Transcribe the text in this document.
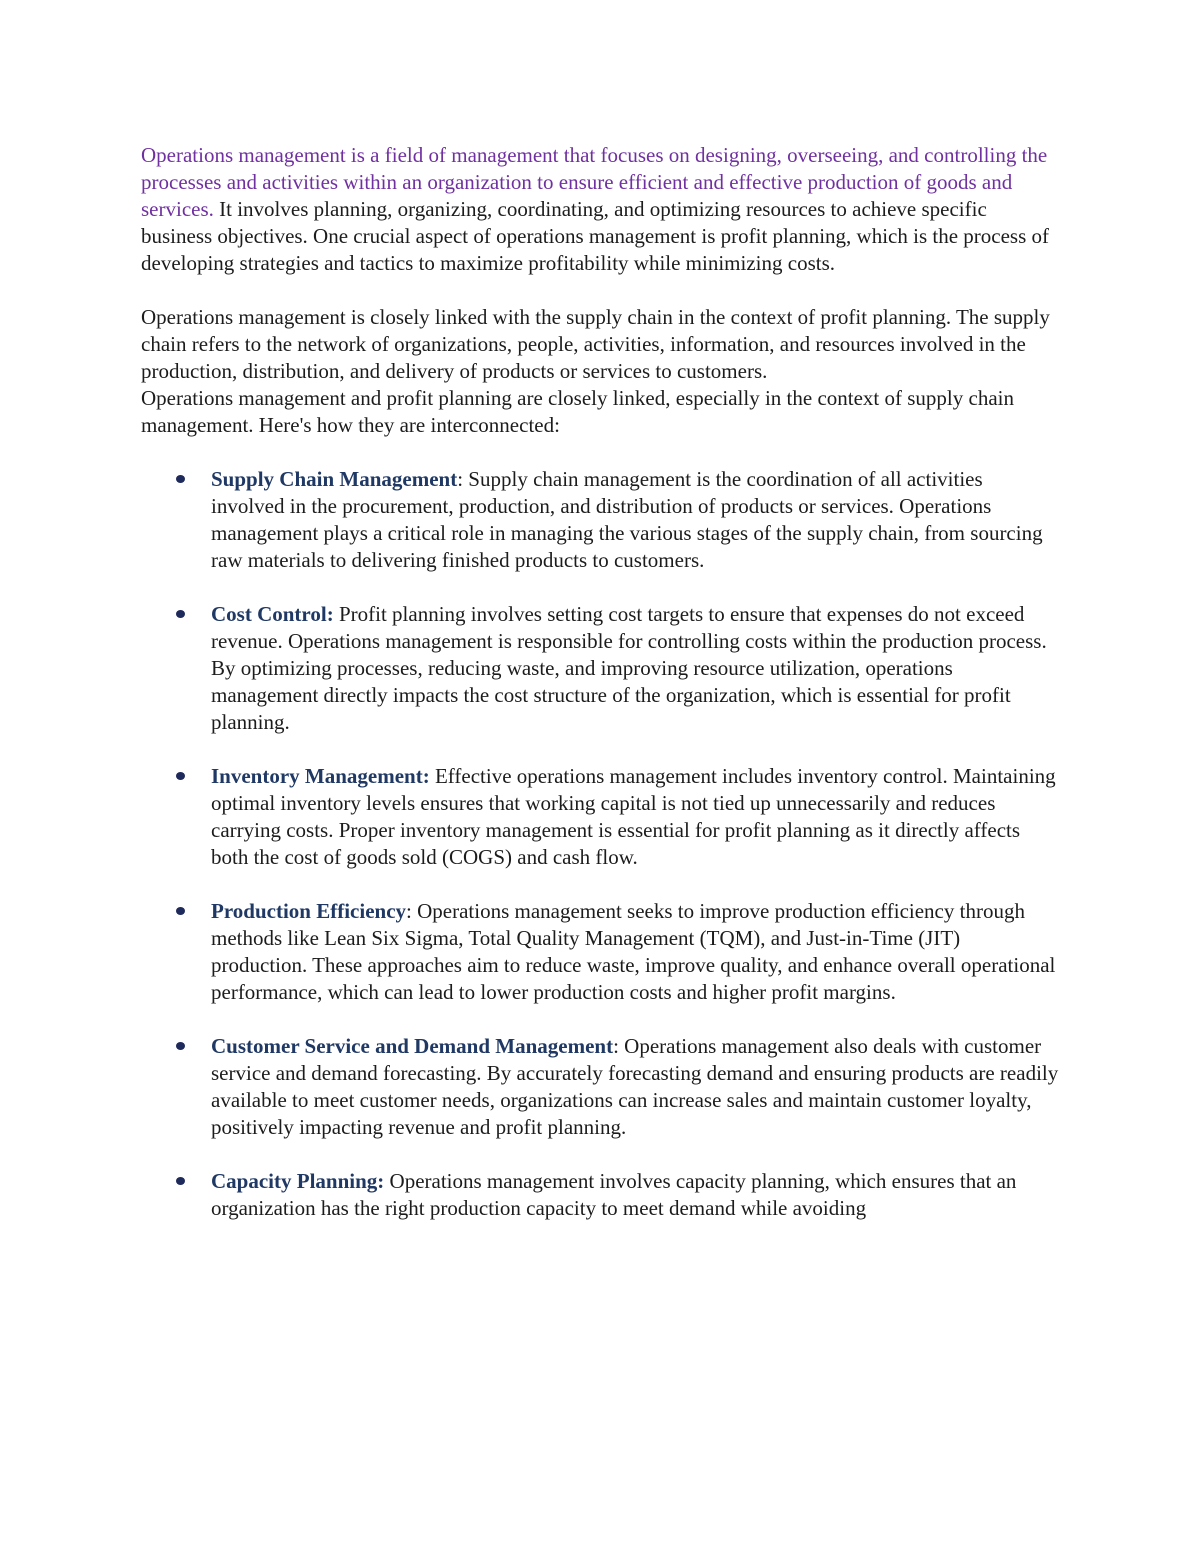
Operations management is a field of management that focuses on designing, overseeing, and controlling the processes and activities within an organization to ensure efficient and effective production of goods and services. It involves planning, organizing, coordinating, and optimizing resources to achieve specific business objectives. One crucial aspect of operations management is profit planning, which is the process of developing strategies and tactics to maximize profitability while minimizing costs.

Operations management is closely linked with the supply chain in the context of profit planning. The supply chain refers to the network of organizations, people, activities, information, and resources involved in the production, distribution, and delivery of products or services to customers.

Operations management and profit planning are closely linked, especially in the context of supply chain management. Here's how they are interconnected:

Supply Chain Management: Supply chain management is the coordination of all activities involved in the procurement, production, and distribution of products or services. Operations management plays a critical role in managing the various stages of the supply chain, from sourcing raw materials to delivering finished products to customers.
Cost Control: Profit planning involves setting cost targets to ensure that expenses do not exceed revenue. Operations management is responsible for controlling costs within the production process. By optimizing processes, reducing waste, and improving resource utilization, operations management directly impacts the cost structure of the organization, which is essential for profit planning.
Inventory Management: Effective operations management includes inventory control. Maintaining optimal inventory levels ensures that working capital is not tied up unnecessarily and reduces carrying costs. Proper inventory management is essential for profit planning as it directly affects both the cost of goods sold (COGS) and cash flow.
Production Efficiency: Operations management seeks to improve production efficiency through methods like Lean Six Sigma, Total Quality Management (TQM), and Just-in-Time (JIT) production. These approaches aim to reduce waste, improve quality, and enhance overall operational performance, which can lead to lower production costs and higher profit margins.
Customer Service and Demand Management: Operations management also deals with customer service and demand forecasting. By accurately forecasting demand and ensuring products are readily available to meet customer needs, organizations can increase sales and maintain customer loyalty, positively impacting revenue and profit planning.
Capacity Planning: Operations management involves capacity planning, which ensures that an organization has the right production capacity to meet demand while avoiding
